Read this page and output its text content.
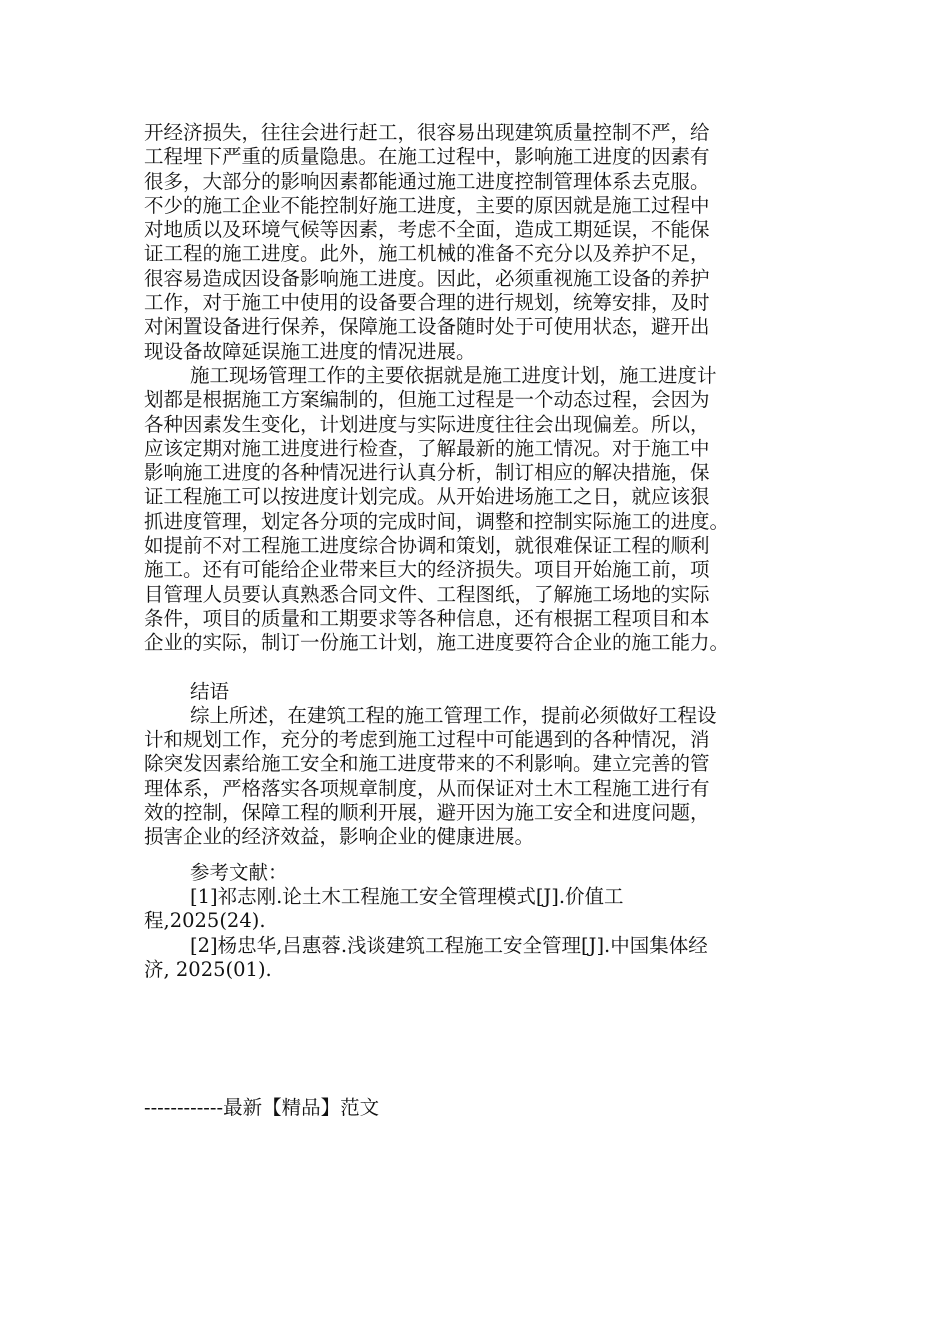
开经济损失，往往会进行赶工，很容易出现建筑质量控制不严，给
工程埋下严重的质量隐患。在施工过程中，影响施工进度的因素有
很多，大部分的影响因素都能通过施工进度控制管理体系去克服。
不少的施工企业不能控制好施工进度，主要的原因就是施工过程中
对地质以及环境气候等因素，考虑不全面，造成工期延误，不能保
证工程的施工进度。此外，施工机械的准备不充分以及养护不足，
很容易造成因设备影响施工进度。因此，必须重视施工设备的养护
工作，对于施工中使用的设备要合理的进行规划，统筹安排，及时
对闲置设备进行保养，保障施工设备随时处于可使用状态，避开出
现设备故障延误施工进度的情况进展。
施工现场管理工作的主要依据就是施工进度计划，施工进度计
划都是根据施工方案编制的，但施工过程是一个动态过程，会因为
各种因素发生变化，计划进度与实际进度往往会出现偏差。所以，
应该定期对施工进度进行检查，了解最新的施工情况。对于施工中
影响施工进度的各种情况进行认真分析，制订相应的解决措施，保
证工程施工可以按进度计划完成。从开始进场施工之日，就应该狠
抓进度管理，划定各分项的完成时间，调整和控制实际施工的进度。
如提前不对工程施工进度综合协调和策划，就很难保证工程的顺利
施工。还有可能给企业带来巨大的经济损失。项目开始施工前，项
目管理人员要认真熟悉合同文件、工程图纸，了解施工场地的实际
条件，项目的质量和工期要求等各种信息，还有根据工程项目和本
企业的实际，制订一份施工计划，施工进度要符合企业的施工能力。
结语
综上所述，在建筑工程的施工管理工作，提前必须做好工程设
计和规划工作，充分的考虑到施工过程中可能遇到的各种情况，消
除突发因素给施工安全和施工进度带来的不利影响。建立完善的管
理体系，严格落实各项规章制度，从而保证对土木工程施工进行有
效的控制，保障工程的顺利开展，避开因为施工安全和进度问题，
损害企业的经济效益，影响企业的健康进展。
参考文献：
[1]祁志刚.论土木工程施工安全管理模式[J].价值工
程,2025(24).
[2]杨忠华,吕惠蓉.浅谈建筑工程施工安全管理[J].中国集体经
济, 2025(01).
------------最新【精品】范文
